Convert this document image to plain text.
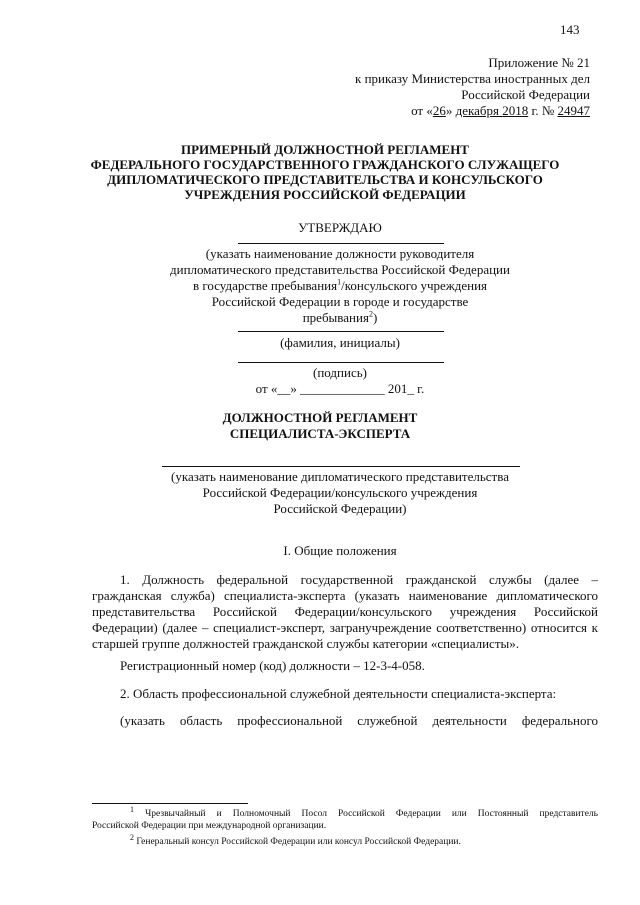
143
Приложение № 21
к приказу Министерства иностранных дел
Российской Федерации
от «26» декабря 2018 г. № 24947
ПРИМЕРНЫЙ ДОЛЖНОСТНОЙ РЕГЛАМЕНТ
ФЕДЕРАЛЬНОГО ГОСУДАРСТВЕННОГО ГРАЖДАНСКОГО СЛУЖАЩЕГО
ДИПЛОМАТИЧЕСКОГО ПРЕДСТАВИТЕЛЬСТВА И КОНСУЛЬСКОГО
УЧРЕЖДЕНИЯ РОССИЙСКОЙ ФЕДЕРАЦИИ
УТВЕРЖДАЮ
(указать наименование должности руководителя
дипломатического представительства Российской Федерации
в государстве пребывания$^1$/консульского учреждения
Российской Федерации в городе и государстве
пребывания$^2$)
(фамилия, инициалы)
(подпись)
от «__» _____________ 201_ г.
ДОЛЖНОСТНОЙ РЕГЛАМЕНТ
СПЕЦИАЛИСТА-ЭКСПЕРТА
(указать наименование дипломатического представительства
Российской Федерации/консульского учреждения
Российской Федерации)
I. Общие положения
1. Должность федеральной государственной гражданской службы (далее –
гражданская служба) специалиста-эксперта (указать наименование дипломатического
представительства Российской Федерации/консульского учреждения Российской
Федерации) (далее – специалист-эксперт, загранучреждение соответственно) относится к
старшей группе должностей гражданской службы категории «специалисты».
Регистрационный номер (код) должности – 12-3-4-058.
2. Область профессиональной служебной деятельности специалиста-эксперта:
(указать область профессиональной служебной деятельности федерального
$^1$ Чрезвычайный и Полномочный Посол Российской Федерации или Постоянный представитель
Российской Федерации при международной организации.
$^2$ Генеральный консул Российской Федерации или консул Российской Федерации.
